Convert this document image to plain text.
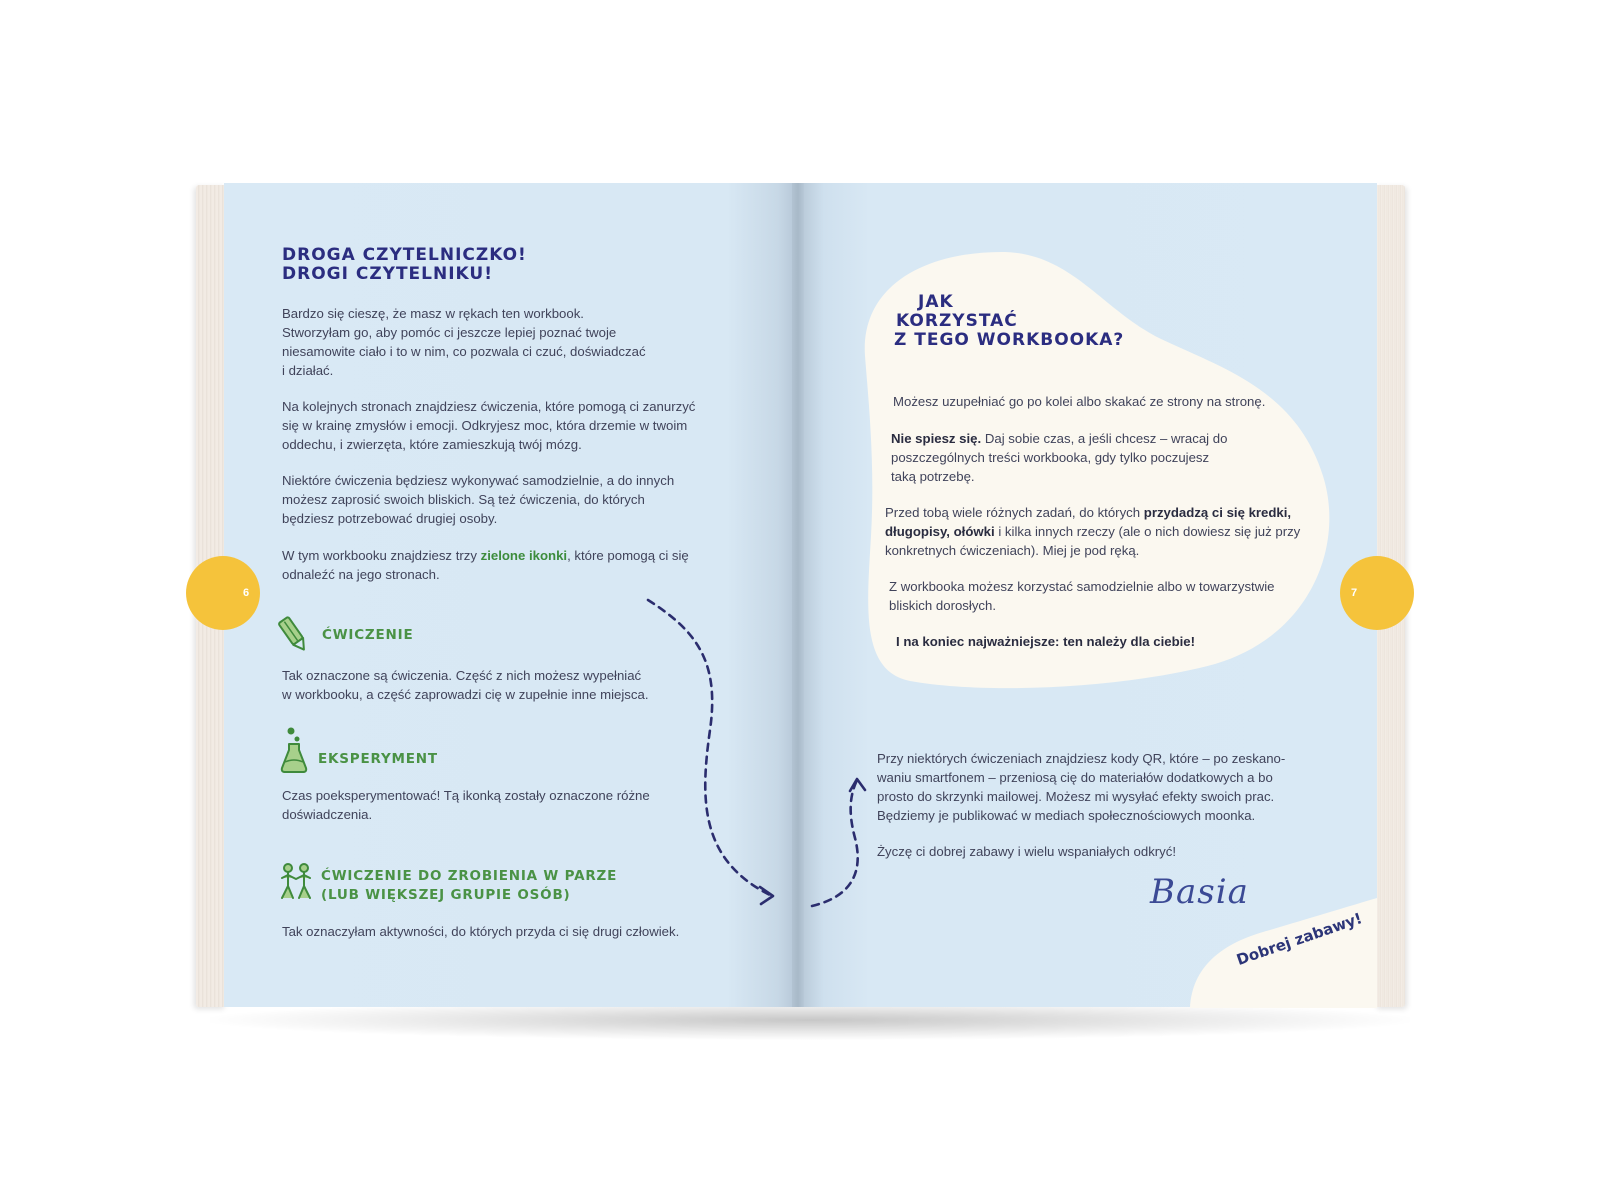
DROGA CZYTELNICZKO!
DROGI CZYTELNIKU!

Bardzo się cieszę, że masz w rękach ten workbook.
Stworzyłam go, aby pomóc ci jeszcze lepiej poznać twoje
niesamowite ciało i to w nim, co pozwala ci czuć, doświadczać
i działać.

Na kolejnych stronach znajdziesz ćwiczenia, które pomogą ci zanurzyć
się w krainę zmysłów i emocji. Odkryjesz moc, która drzemie w twoim
oddechu, i zwierzęta, które zamieszkują twój mózg.

Niektóre ćwiczenia będziesz wykonywać samodzielnie, a do innych
możesz zaprosić swoich bliskich. Są też ćwiczenia, do których
będziesz potrzebować drugiej osoby.

W tym workbooku znajdziesz trzy zielone ikonki, które pomogą ci się
odnaleźć na jego stronach.

ĆWICZENIE

Tak oznaczone są ćwiczenia. Część z nich możesz wypełniać
w workbooku, a część zaprowadzi cię w zupełnie inne miejsca.

EKSPERYMENT

Czas poeksperymentować! Tą ikonką zostały oznaczone różne
doświadczenia.

ĆWICZENIE DO ZROBIENIA W PARZE
(LUB WIĘKSZEJ GRUPIE OSÓB)

Tak oznaczyłam aktywności, do których przyda ci się drugi człowiek.

6
JAK
KORZYSTAĆ
Z TEGO WORKBOOKA?

Możesz uzupełniać go po kolei albo skakać ze strony na stronę.

Nie spiesz się. Daj sobie czas, a jeśli chcesz – wracaj do
poszczególnych treści workbooka, gdy tylko poczujesz
taką potrzebę.

Przed tobą wiele różnych zadań, do których przydadzą ci się kredki,
długopisy, ołówki i kilka innych rzeczy (ale o nich dowiesz się już przy
konkretnych ćwiczeniach). Miej je pod ręką.

Z workbooka możesz korzystać samodzielnie albo w towarzystwie
bliskich dorosłych.

I na koniec najważniejsze: ten należy dla ciebie!

Przy niektórych ćwiczeniach znajdziesz kody QR, które – po zeskano-
waniu smartfonem – przeniosą cię do materiałów dodatkowych a bo
prosto do skrzynki mailowej. Możesz mi wysyłać efekty swoich prac.
Będziemy je publikować w mediach społecznościowych moonka.

Życzę ci dobrej zabawy i wielu wspaniałych odkryć!

Basia
Dobrej zabawy!
7
